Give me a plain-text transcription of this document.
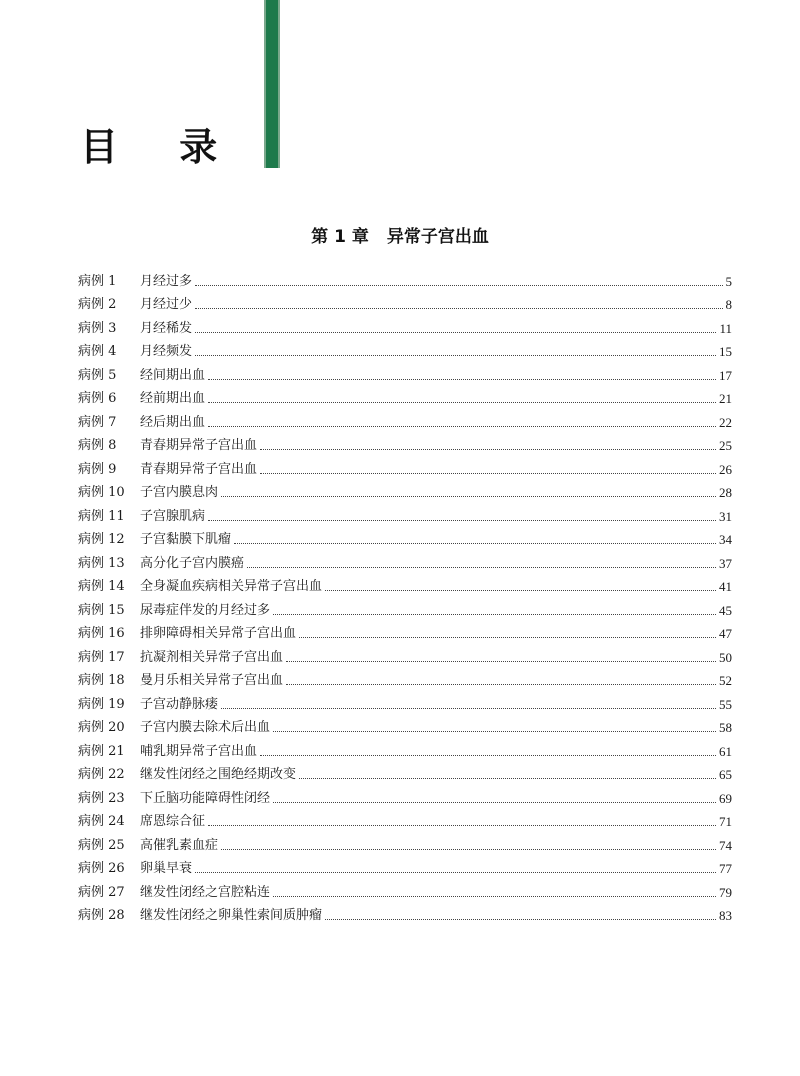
目 录
第 1 章 异常子宫出血
病例 1	月经过多	5
病例 2	月经过少	8
病例 3	月经稀发	11
病例 4	月经频发	15
病例 5	经间期出血	17
病例 6	经前期出血	21
病例 7	经后期出血	22
病例 8	青春期异常子宫出血	25
病例 9	青春期异常子宫出血	26
病例 10	子宫内膜息肉	28
病例 11	子宫腺肌病	31
病例 12	子宫黏膜下肌瘤	34
病例 13	高分化子宫内膜癌	37
病例 14	全身凝血疾病相关异常子宫出血	41
病例 15	尿毒症伴发的月经过多	45
病例 16	排卵障碍相关异常子宫出血	47
病例 17	抗凝剂相关异常子宫出血	50
病例 18	曼月乐相关异常子宫出血	52
病例 19	子宫动静脉瘘	55
病例 20	子宫内膜去除术后出血	58
病例 21	哺乳期异常子宫出血	61
病例 22	继发性闭经之围绝经期改变	65
病例 23	下丘脑功能障碍性闭经	69
病例 24	席恩综合征	71
病例 25	高催乳素血症	74
病例 26	卵巢早衰	77
病例 27	继发性闭经之宫腔粘连	79
病例 28	继发性闭经之卵巢性索间质肿瘤	83
